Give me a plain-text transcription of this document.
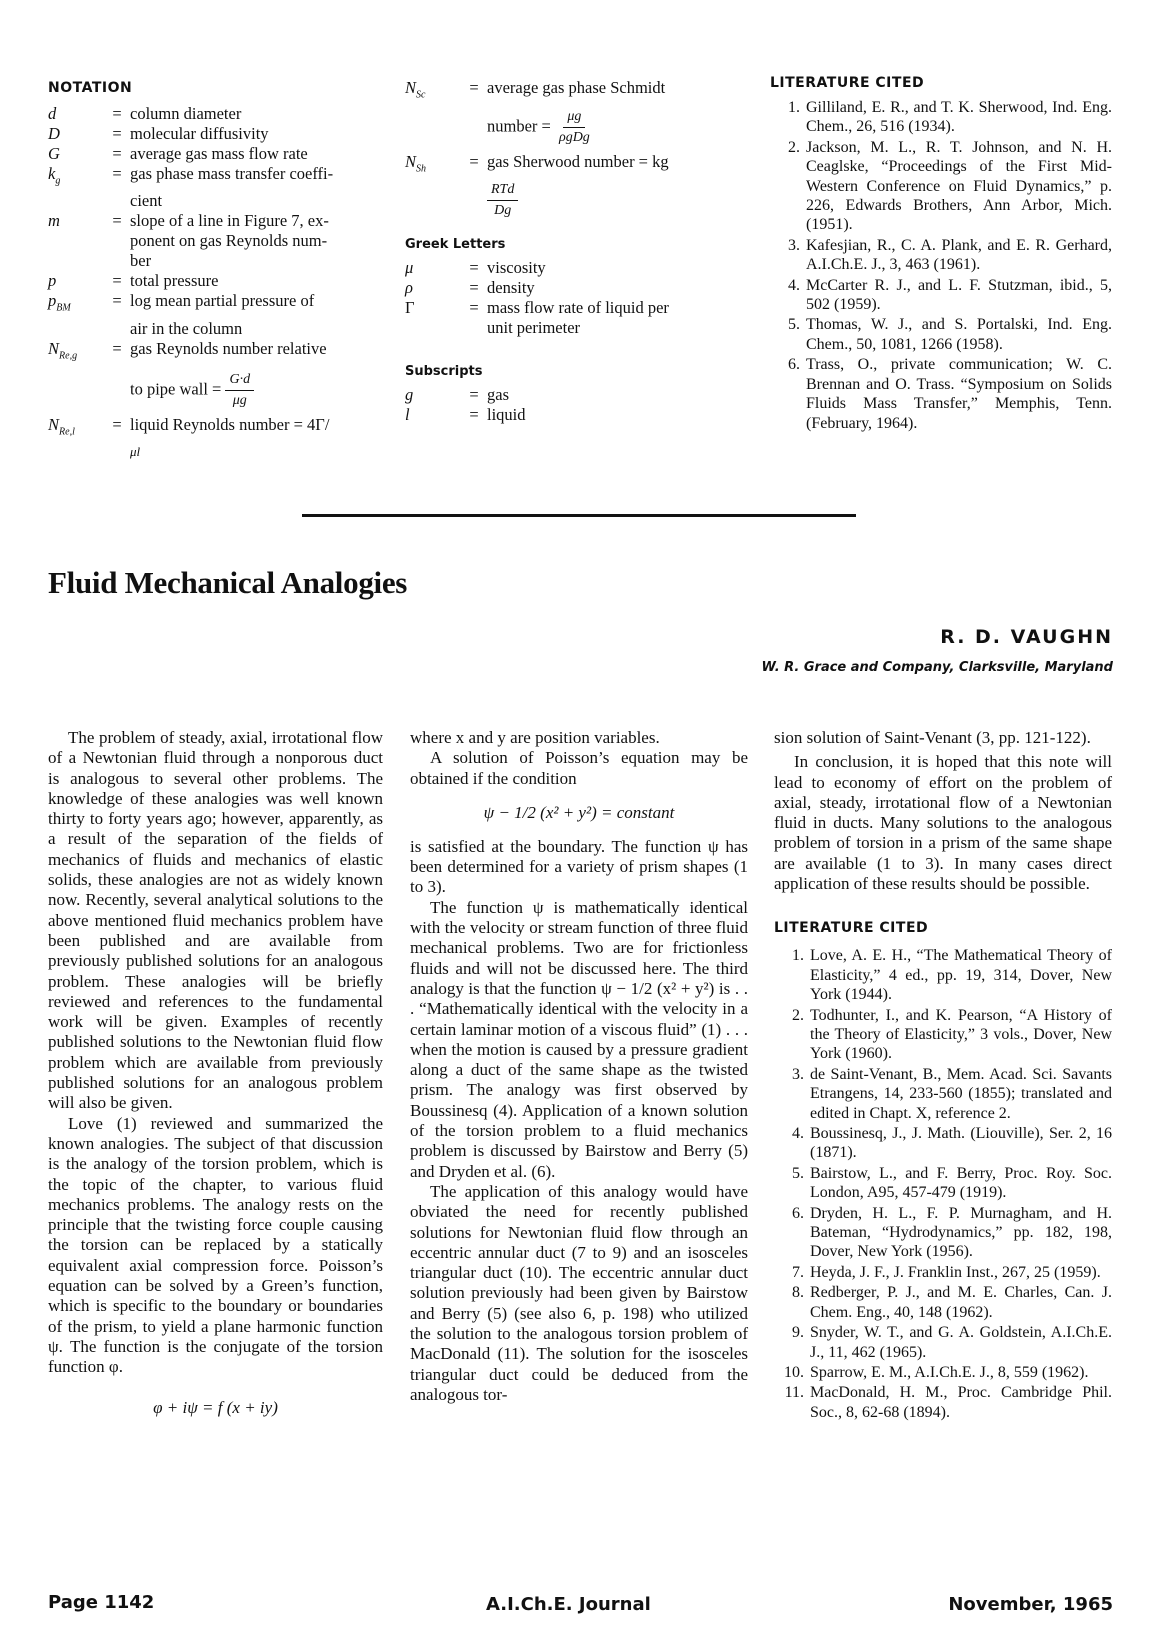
NOTATION
d	= column diameter
D	= molecular diffusivity
G	= average gas mass flow rate
$k_g$	= gas phase mass transfer coeffi-
cient
m	= slope of a line in Figure 7, ex-
ponent on gas Reynolds num-
ber
p	= total pressure
$p_{BM}$	= log mean partial pressure of
air in the column
$N_{Re,g}$	= gas Reynolds number relative
to pipe wall = $\frac{G\cdot d}{\mu g}$
$N_{Re,l}$	= liquid Reynolds number = 4Γ/
μl
$N_{Sc}$	= average gas phase Schmidt
number = $\frac{\mu g}{\text{ρgDg}}$
$N_{Sh}$	= gas Sherwood number = kg
$\frac{\text{RTd}}{Dg}$
Greek Letters
μ	= viscosity
ρ	= density
Γ	= mass flow rate of liquid per
unit perimeter
Subscripts
g	= gas
l	= liquid
LITERATURE CITED
1. Gilliland, E. R., and T. K. Sherwood, Ind. Eng. Chem., 26, 516 (1934).
2. Jackson, M. L., R. T. Johnson, and N. H. Ceaglske, “Proceedings of the First Mid-Western Conference on Fluid Dynamics,” p. 226, Edwards Brothers, Ann Arbor, Mich. (1951).
3. Kafesjian, R., C. A. Plank, and E. R. Gerhard, A.I.Ch.E. J., 3, 463 (1961).
4. McCarter R. J., and L. F. Stutzman, ibid., 5, 502 (1959).
5. Thomas, W. J., and S. Portalski, Ind. Eng. Chem., 50, 1081, 1266 (1958).
6. Trass, O., private communication; W. C. Brennan and O. Trass. “Symposium on Solids Fluids Mass Transfer,” Memphis, Tenn. (February, 1964).
Fluid Mechanical Analogies
R. D. VAUGHN
W. R. Grace and Company, Clarksville, Maryland

The problem of steady, axial, irrotational flow of a Newtonian fluid through a nonporous duct is analogous to several other problems. The knowledge of these analogies was well known thirty to forty years ago; however, apparently, as a result of the separation of the fields of mechanics of fluids and mechanics of elastic solids, these analogies are not as widely known now. Recently, several analytical solutions to the above mentioned fluid mechanics problem have been published and are available from previously published solutions for an analogous problem. These analogies will be briefly reviewed and references to the fundamental work will be given. Examples of recently published solutions to the Newtonian fluid flow problem which are available from previously published solutions for an analogous problem will also be given.

Love (1) reviewed and summarized the known analogies. The subject of that discussion is the analogy of the torsion problem, which is the topic of the chapter, to various fluid mechanics problems. The analogy rests on the principle that the twisting force couple causing the torsion can be replaced by a statically equivalent axial compression force. Poisson’s equation can be solved by a Green’s function, which is specific to the boundary or boundaries of the prism, to yield a plane harmonic function ψ. The function is the conjugate of the torsion function φ.

φ + iψ = f (x + iy)

where x and y are position variables.

A solution of Poisson’s equation may be obtained if the condition

ψ − 1/2 (x² + y²) = constant

is satisfied at the boundary. The function ψ has been determined for a variety of prism shapes (1 to 3).

The function ψ is mathematically identical with the velocity or stream function of three fluid mechanical problems. Two are for frictionless fluids and will not be discussed here. The third analogy is that the function ψ − 1/2 (x² + y²) is . . . “Mathematically identical with the velocity in a certain laminar motion of a viscous fluid” (1) . . . when the motion is caused by a pressure gradient along a duct of the same shape as the twisted prism. The analogy was first observed by Boussinesq (4). Application of a known solution of the torsion problem to a fluid mechanics problem is discussed by Bairstow and Berry (5) and Dryden et al. (6).

The application of this analogy would have obviated the need for recently published solutions for Newtonian fluid flow through an eccentric annular duct (7 to 9) and an isosceles triangular duct (10). The eccentric annular duct solution previously had been given by Bairstow and Berry (5) (see also 6, p. 198) who utilized the solution to the analogous torsion problem of MacDonald (11). The solution for the isosceles triangular duct could be deduced from the analogous tor-

sion solution of Saint-Venant (3, pp. 121-122).

In conclusion, it is hoped that this note will lead to economy of effort on the problem of axial, steady, irrotational flow of a Newtonian fluid in ducts. Many solutions to the analogous problem of torsion in a prism of the same shape are available (1 to 3). In many cases direct application of these results should be possible.

LITERATURE CITED
1. Love, A. E. H., “The Mathematical Theory of Elasticity,” 4 ed., pp. 19, 314, Dover, New York (1944).
2. Todhunter, I., and K. Pearson, “A History of the Theory of Elasticity,” 3 vols., Dover, New York (1960).
3. de Saint-Venant, B., Mem. Acad. Sci. Savants Etrangens, 14, 233-560 (1855); translated and edited in Chapt. X, reference 2.
4. Boussinesq, J., J. Math. (Liouville), Ser. 2, 16 (1871).
5. Bairstow, L., and F. Berry, Proc. Roy. Soc. London, A95, 457-479 (1919).
6. Dryden, H. L., F. P. Murnagham, and H. Bateman, “Hydrodynamics,” pp. 182, 198, Dover, New York (1956).
7. Heyda, J. F., J. Franklin Inst., 267, 25 (1959).
8. Redberger, P. J., and M. E. Charles, Can. J. Chem. Eng., 40, 148 (1962).
9. Snyder, W. T., and G. A. Goldstein, A.I.Ch.E. J., 11, 462 (1965).
10. Sparrow, E. M., A.I.Ch.E. J., 8, 559 (1962).
11. MacDonald, H. M., Proc. Cambridge Phil. Soc., 8, 62-68 (1894).
Page 1142	A.I.Ch.E. Journal	November, 1965
